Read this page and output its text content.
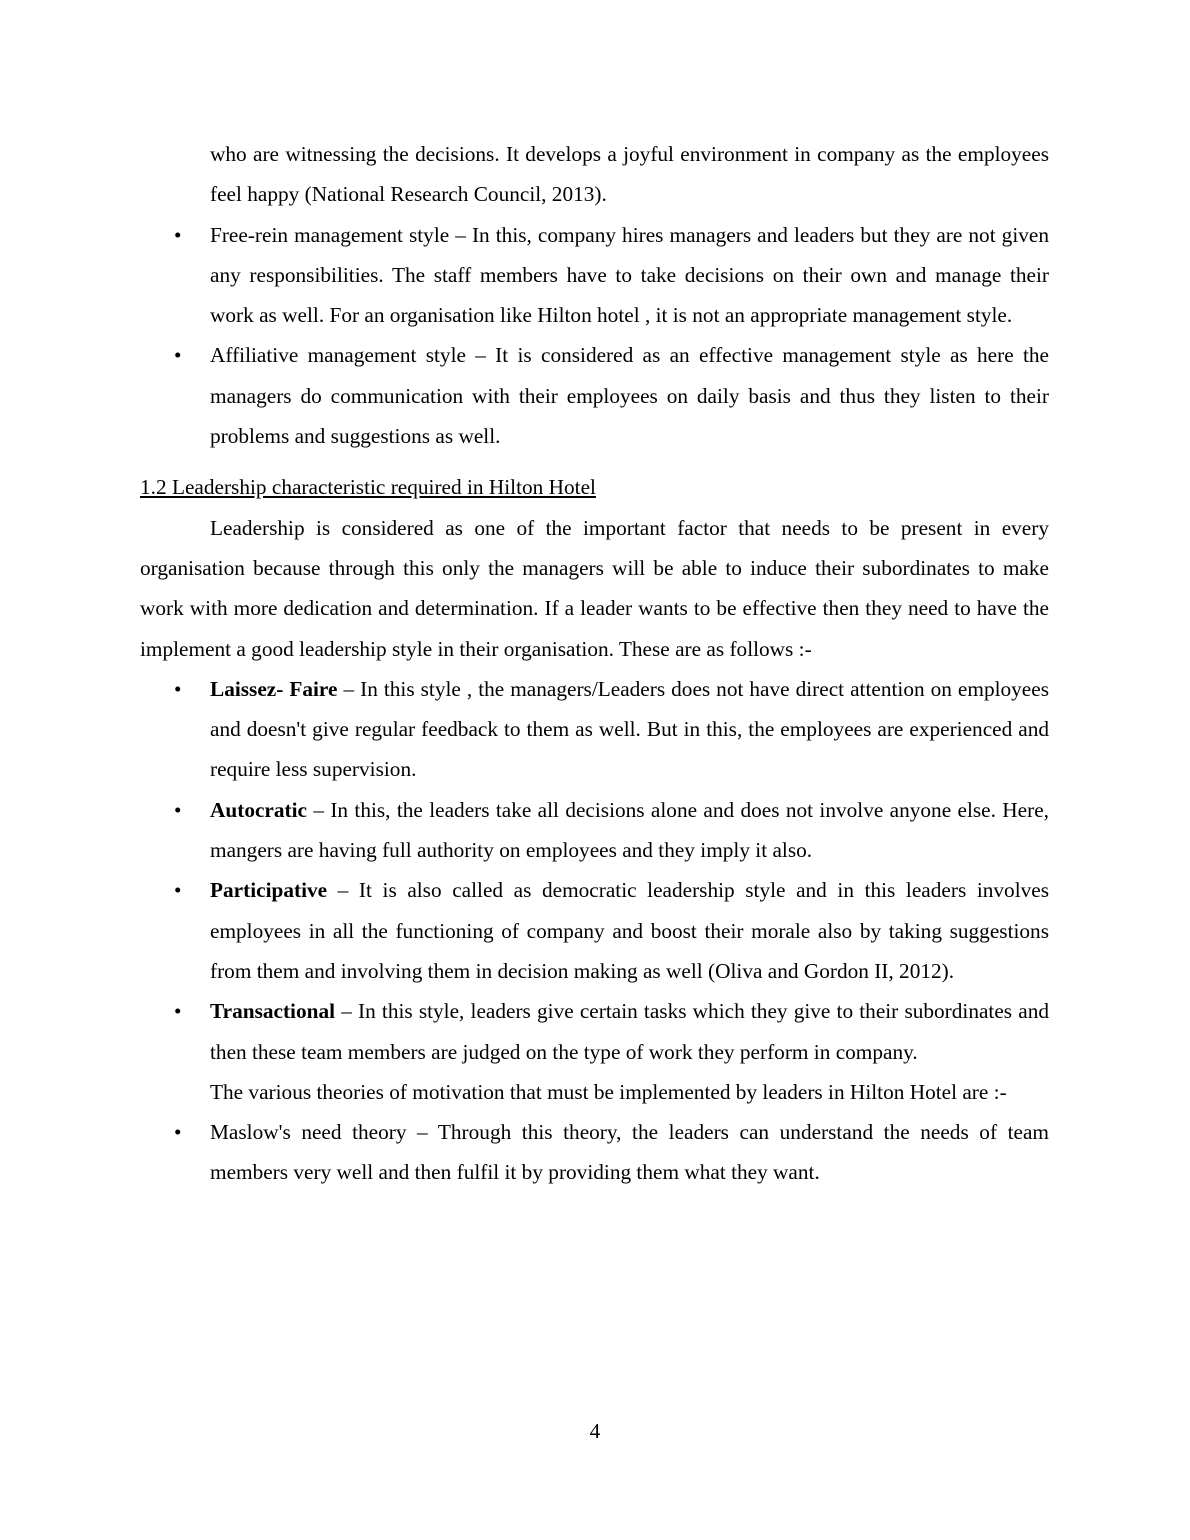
who are witnessing the decisions. It develops a joyful environment in company as the employees feel happy (National Research Council, 2013).

• Free-rein management style – In this, company hires managers and leaders but they are not given any responsibilities. The staff members have to take decisions on their own and manage their work as well. For an organisation like Hilton hotel , it is not an appropriate management style.
• Affiliative management style – It is considered as an effective management style as here the managers do communication with their employees on daily basis and thus they listen to their problems and suggestions as well.

1.2 Leadership characteristic required in Hilton Hotel

Leadership is considered as one of the important factor that needs to be present in every organisation because through this only the managers will be able to induce their subordinates to make work with more dedication and determination. If a leader wants to be effective then they need to have the implement a good leadership style in their organisation. These are as follows :-

• Laissez- Faire – In this style , the managers/Leaders does not have direct attention on employees and doesn't give regular feedback to them as well. But in this, the employees are experienced and require less supervision.
• Autocratic – In this, the leaders take all decisions alone and does not involve anyone else. Here, mangers are having full authority on employees and they imply it also.
• Participative – It is also called as democratic leadership style and in this leaders involves employees in all the functioning of company and boost their morale also by taking suggestions from them and involving them in decision making as well (Oliva and Gordon II, 2012).
• Transactional – In this style, leaders give certain tasks which they give to their subordinates and then these team members are judged on the type of work they perform in company.

The various theories of motivation that must be implemented by leaders in Hilton Hotel are :-

• Maslow's need theory – Through this theory, the leaders can understand the needs of team members very well and then fulfil it by providing them what they want.
4
